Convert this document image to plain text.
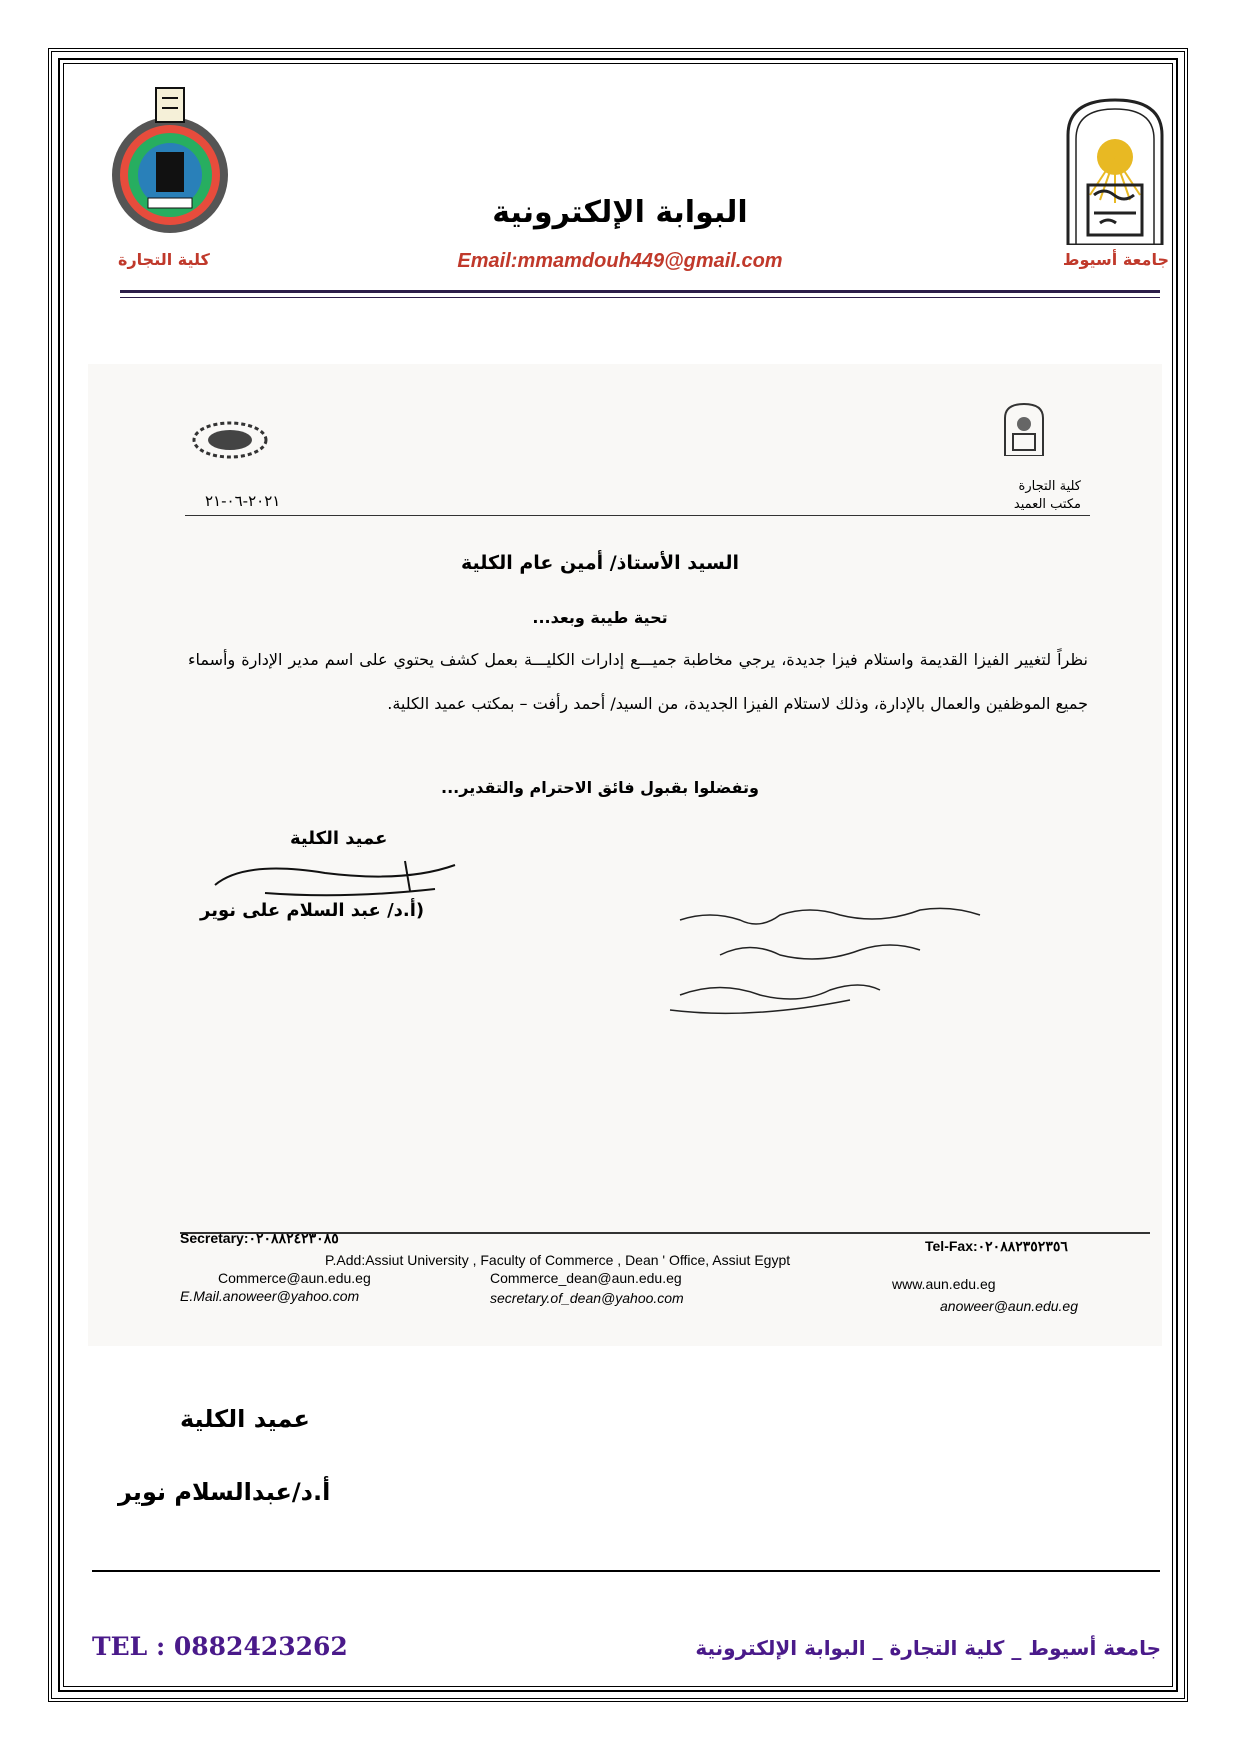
البوابة الإلكترونية
Email:mmamdouh449@gmail.com	جامعة أسيوط
كلية التجارة
كلية التجارة
مكتب العميد
٢٠٢١-٠٦-٢١
السيد الأستاذ/ أمين عام الكلية
تحية طيبة وبعد...
نظراً لتغيير الفيزا القديمة واستلام فيزا جديدة، يرجي مخاطبة جميـــع إدارات الكليـــة بعمل كشف يحتوي على اسم مدير الإدارة وأسماء جميع الموظفين والعمال بالإدارة، وذلك لاستلام الفيزا الجديدة، من السيد/ أحمد رأفت – بمكتب عميد الكلية.
وتفضلوا بقبول فائق الاحترام والتقدير...
عميد الكلية
(أ.د/ عبد السلام على نوير
Secretary:٠٢٠٨٨٢٤٢٣٠٨٥	Tel-Fax:٠٢٠٨٨٢٣٥٢٣٥٦
P.Add:Assiut University , Faculty of Commerce , Dean ' Office, Assiut Egypt
Commerce@aun.edu.eg	Commerce_dean@aun.edu.eg	www.aun.edu.eg
E.Mail.anoweer@yahoo.com	secretary.of_dean@yahoo.com	anoweer@aun.edu.eg
عميد الكلية
أ.د/عبدالسلام نوير
TEL : 0882423262	جامعة أسيوط _ كلية التجارة _ البوابة الإلكترونية
